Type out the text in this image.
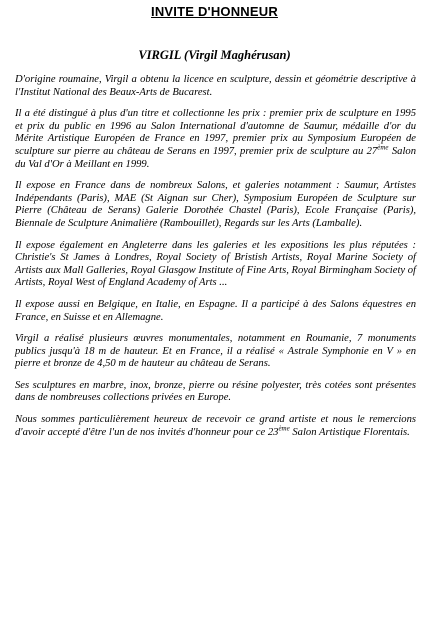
INVITE D'HONNEUR
VIRGIL (Virgil Maghérusan)

D'origine roumaine, Virgil a obtenu la licence en sculpture, dessin et géométrie descriptive à l'Institut National des Beaux-Arts de Bucarest.

Il a été distingué à plus d'un titre et collectionne les prix : premier prix de sculpture en 1995 et prix du public en 1996 au Salon International d'automne de Saumur, médaille d'or du Mérite Artistique Européen de France en 1997, premier prix au Symposium Européen de sculpture sur pierre au château de Serans en 1997, premier prix de sculpture au 27ème Salon du Val d'Or à Meillant en 1999.

Il expose en France dans de nombreux Salons, et galeries notamment : Saumur, Artistes Indépendants (Paris), MAE (St Aignan sur Cher), Symposium Européen de Sculpture sur Pierre (Château de Serans) Galerie Dorothée Chastel (Paris), Ecole Française (Paris), Biennale de Sculpture Animalière (Rambouillet), Regards sur les Arts (Lamballe).

Il expose également en Angleterre dans les galeries et les expositions les plus réputées : Christie's St James à Londres, Royal Society of Bristish Artists, Royal Marine Society of Artists aux Mall Galleries, Royal Glasgow Institute of Fine Arts, Royal Birmingham Society of Artists, Royal West of England Academy of Arts ...

Il expose aussi en Belgique, en Italie, en Espagne. Il a participé à des Salons équestres en France, en Suisse et en Allemagne.

Virgil a réalisé plusieurs œuvres monumentales, notamment en Roumanie, 7 monuments publics jusqu'à 18 m de hauteur. Et en France, il a réalisé « Astrale Symphonie en V » en pierre et bronze de 4,50 m de hauteur au château de Serans.

Ses sculptures en marbre, inox, bronze, pierre ou résine polyester, très cotées sont présentes dans de nombreuses collections privées en Europe.

Nous sommes particulièrement heureux de recevoir ce grand artiste et nous le remercions d'avoir accepté d'être l'un de nos invités d'honneur pour ce 23ème Salon Artistique Florentais.
